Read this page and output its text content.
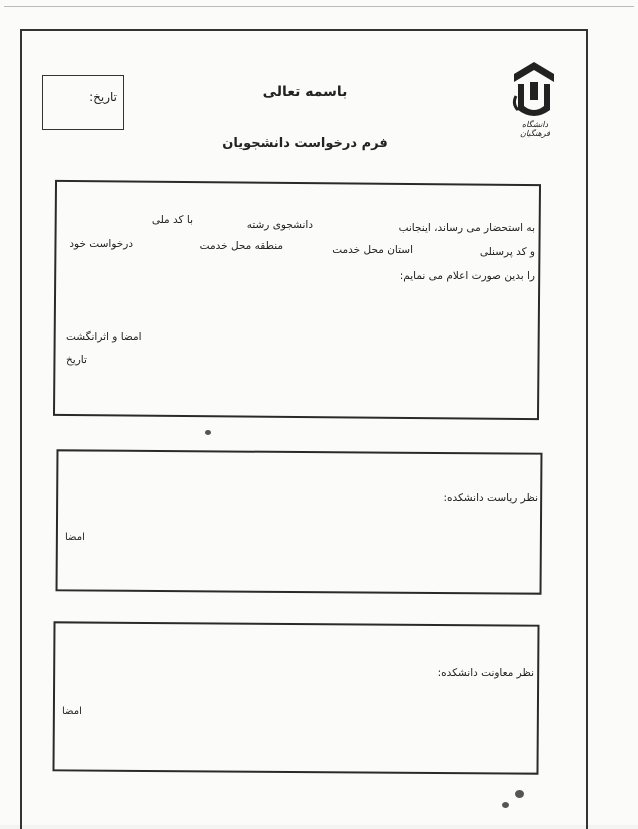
تاریخ:	باسمه تعالی
فرم درخواست دانشجویان
دانشگاه فرهنگیان
به استحضار می رساند، اینجانب
دانشجوی رشته
با کد ملی
و کد پرسنلی
استان محل خدمت
منطقه محل خدمت
درخواست خود
را بدین صورت اعلام می نمایم:
امضا و اثرانگشت
تاریخ
نظر ریاست دانشکده:
امضا
نظر معاونت دانشکده:
امضا
